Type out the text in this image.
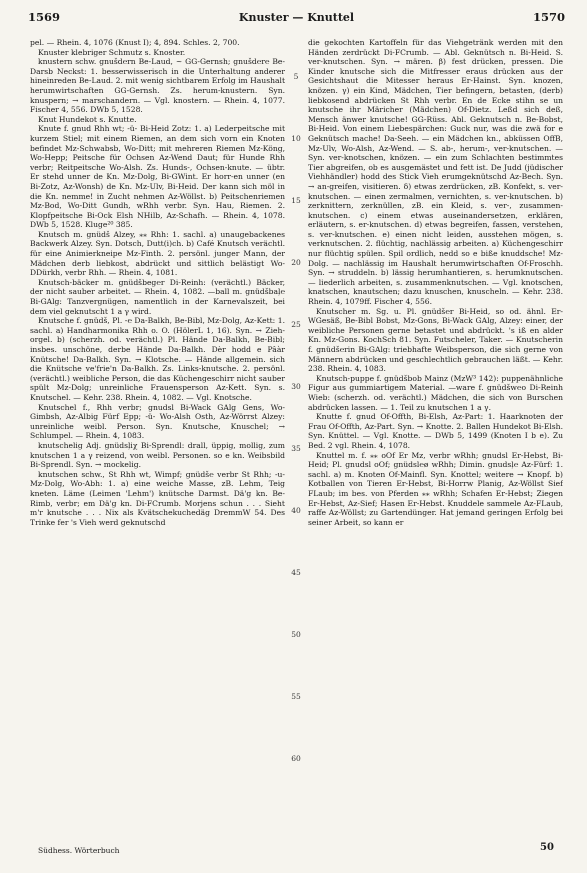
1569	Knuster — Knuttel	1570

pel. — Rhein. 4, 1076 (Knust I); 4, 894. Schles. 2, 700.

Knuster klebriger Schmutz s. Knoster.

knustern schw. gnušd℮rn Be-Laud, ~ GG-Gernsh; gnušd℮r℮ Be-Darsb Neckst: 1. besserwisserisch in die Unterhaltung anderer hineinreden Be-Laud. 2. mit wenig sichtbarem Erfolg im Haushalt herumwirtschaften GG-Gernsh. Zs. herum-knustern. Syn. knuspern; → marschandern. — Vgl. knostern. — Rhein. 4, 1077. Fischer 4, 556. DWb 5, 1528.

Knut Hundekot s. Knutte.

Knute f. gnud Rhh wt; -ü- Bi-Heid Zotz: 1. a) Lederpeitsche mit kurzem Stiel; mit einem Riemen, an dem sich vorn ein Knoten befindet Mz-Schwabsb, Wo-Ditt; mit mehreren Riemen Mz-Köng, Wo-Hepp; Peitsche für Ochsen Az-Wend Daut; für Hunde Rhh verbr; Reitpeitsche Wo-Alsh. Zs. Hunds-, Ochsen-knute. — übtr. Er stehd unner de Kn. Mz-Dolg, Bi-GWint. Er horr-en unner (en Bi-Zotz, Az-Wonsh) de Kn. Mz-Ulv, Bi-Heid. Der kann sich möl in die Kn. nemme! in Zucht nehmen Az-Wöllst. b) Peitschenriemen Mz-Bod, Wo-Ditt Gundh, wRhh verbr. Syn. Hau, Riemen. 2. Klopfpeitsche Bi-Ock Elsh NHilb, Az-Schafh. — Rhein. 4, 1078. DWb 5, 1528. Kluge²⁰ 385.

Knutsch m. gnüdš Alzey, ⁎⁎ Rhh: 1. sachl. a) unaugebackenes Backwerk Alzey. Syn. Dotsch, Dutt(i)ch. b) Café Knutsch verächtl. für eine Animierkneipe Mz-Finth. 2. persönl. junger Mann, der Mädchen derb liebkost, abdrückt und sittlich belästigt Wo-DDürkh, verbr Rhh. — Rhein. 4, 1081.

Knutsch-bäcker m. gnüdšbeg℮r Di-Reinh: (verächtl.) Bäcker, der nicht sauber arbeitet. — Rhein. 4, 1082. —ball m. gnüdšbaļ℮ Bi-GAlg: Tanzvergnügen, namentlich in der Karnevalszeit, bei dem viel geknutscht 1 a γ wird.

Knutsche f. gnüdš, Pl. -℮ Da-Balkh, Be-Bibl, Mz-Dolg, Az-Kett: 1. sachl. a) Handharmonika Rhh o. O. (HölerL 1, 16). Syn. → Zieh-orgel. b) (scherzh. od. verächtl.) Pl. Hände Da-Balkh, Be-Bibl; insbes. unschöne, derbe Hände Da-Balkh. Dèr hodd e Pâàr Knütsche! Da-Balkh. Syn. → Klotsche. — Hände allgemein. sich die Knütsche ve'frie'n Da-Balkh. Zs. Links-knutsche. 2. persönl. (verächtl.) weibliche Person, die das Küchengeschirr nicht sauber spült Mz-Dolg; unreinliche Frauensperson Az-Kett. Syn. s. Knutschel. — Kehr. 238. Rhein. 4, 1082. — Vgl. Knotsche.

Knutschel f., Rhh verbr; gnudsl Bi-Wack GAlg Gens, Wo-Gimbsh, Az-Albig Fürf Epp; -ü- Wo-Alsh Osth, Az-Wörrst Alzey: unreinliche weibl. Person. Syn. Knutsche, Knuschel; → Schlumpel. — Rhein. 4, 1083.

knutschelig Adj. gnüdsļiχ Bi-Sprendl: drall, üppig, mollig, zum knutschen 1 a γ reizend, von weibl. Personen. so e kn. Weibsbild Bi-Sprendl. Syn. → mockelig.

knutschen schw., St Rhh wt, Wimpf; gnüdš℮ verbr St Rhh; -u- Mz-Dolg, Wo-Abh: 1. a) eine weiche Masse, zB. Lehm, Teig kneten. Läme (Leimen 'Lehm') knütsche Darmst. Dä'g kn. Be-Rimb, verbr; em Dä'g kn. Di-FCrumb. Morjens schun . . . Sieht m'r knutsche . . . Nix als Kvätschekuchedäg DremmW 54. Des Trinke fer 's Vieh werd geknutschd

5
10
15
20
25
30
35
40
45
50
55
60

die gekochten Kartoffeln für das Viehgetränk werden mit den Händen zerdrückt Di-FCrumb. — Abl. Geknütsch n. Bi-Heid. S. ver-knutschen. Syn. → mären. β) fest drücken, pressen. Die Kinder knutsche sich die Mitfresser eraus drücken aus der Gesichtshaut die Mitesser heraus Er-Hainst. Syn. knozen, knözen. γ) ein Kind, Mädchen, Tier befingern, betasten, (derb) liebkosend abdrücken St Rhh verbr. En de Ecke stihn se un knutsche ihr Märicher (Mädchen) Of-Dietz. Leßd sich deß, Mensch änwer knutsche! GG-Rüss. Abl. Geknutsch n. Be-Bobst, Bi-Heid. Von einem Liebespärchen: Guck nur, was die zwä for e Geknütsch mache! Da-Seeh. — ein Mädchen kn., abküssen OffB, Mz-Ulv, Wo-Alsh, Az-Wend. — S. ab-, herum-, ver-knutschen. — Syn. ver-knotschen, knözen. — ein zum Schlachten bestimmtes Tier abgreifen, ob es ausgemästet und fett ist. De Judd (jüdischer Viehhändler) hodd des Stick Vieh erumgeknütschd Az-Bech. Syn. → an-greifen, visitieren. δ) etwas zerdrücken, zB. Konfekt, s. ver-knutschen. — einen zermalmen, vernichten, s. ver-knutschen. b) zerknittern, zerknüllen, zB. ein Kleid, s. ver-, zusammen-knutschen. c) einem etwas auseinandersetzen, erklären, erläutern, s. er-knutschen. d) etwas begreifen, fassen, verstehen, s. ver-knutschen. e) einen nicht leiden, ausstehen mögen, s. verknutschen. 2. flüchtig, nachlässig arbeiten. a) Küchengeschirr nur flüchtig spülen. Spil ordlich, nedd so e biße knuddsche! Mz-Dolg. — nachlässig im Haushalt herumwirtschaften Of-Froschh. Syn. → struddeln. b) lässig herumhantieren, s. herumknutschen. — liederlich arbeiten, s. zusammenknutschen. — Vgl. knotschen, knatschen, knautschen; dazu knuschen, knuscheln. — Kehr. 238. Rhein. 4, 1079ff. Fischer 4, 556.

Knutscher m. Sg. u. Pl. gnüdš℮r Bi-Heid, so od. ähnl. Er-WGesäß, Be-Bibl Bobst, Mz-Gons, Bi-Wack GAlg, Alzey: einer, der weibliche Personen gerne betastet und abdrückt. 's iß en alder Kn. Mz-Gons. KochSch 81. Syn. Futscheler, Taker. — Knutscherin f. gnüdš℮rin Bi-GAlg: triebhafte Weibsperson, die sich gerne von Männern abdrücken und geschlechtlich gebrauchen läßt. — Kehr. 238. Rhein. 4, 1083.

Knutsch-puppe f. gnüdšbob Mainz (MzW³ 142): puppenähnliche Figur aus gummiartigem Material. —ware f. gnüdšw℮o Di-Reinh Wieb: (scherzh. od. verächtl.) Mädchen, die sich von Burschen abdrücken lassen. — 1. Teil zu knutschen 1 a γ.

Knutte f. gnud Of-Offth, Bi-Elsh, Az-Part: 1. Haarknoten der Frau Of-Offth, Az-Part. Syn. → Knotte. 2. Ballen Hundekot Bi-Elsh. Syn. Knüttel. — Vgl. Knotte. — DWb 5, 1499 (Knoten I b e). Zu Bed. 2 vgl. Rhein. 4, 1078.

Knuttel m. f. ⁎⁎ oOf Er Mz, verbr wRhh; gnudsl Er-Hebst, Bi-Heid; Pl. gnudsl oOf; gnüdsl℮ø wRhh; Dimin. gnudsļ℮ Az-Fürf: 1. sachl. a) m. Knoten Of-Mainfl. Syn. Knottel; weitere → Knopf. b) Kotballen von Tieren Er-Hebst, Bi-Horrw Planig, Az-Wöllst Sief FLaub; im bes. von Pferden ⁎⁎ wRhh; Schafen Er-Hebst; Ziegen Er-Hebst, Az-Sief; Hasen Er-Hebst. Knuddele sammele Az-FLaub, raffe Az-Wöllst; zu Gartendünger. Hat jemand geringen Erfolg bei seiner Arbeit, so kann er

Südhess. Wörterbuch	50
